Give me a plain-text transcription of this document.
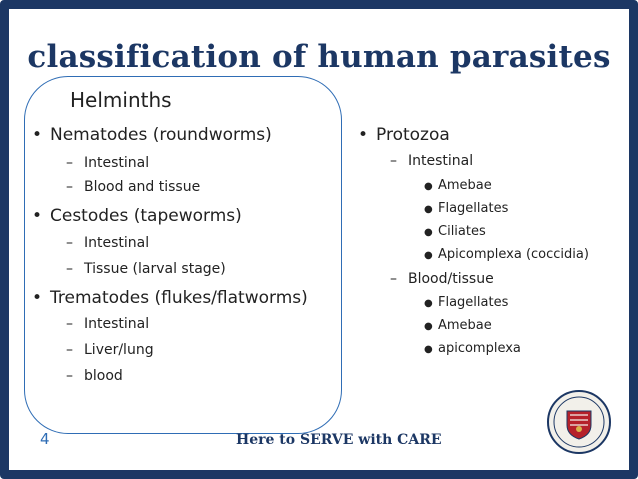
classification of human parasites
Helminths
• Nematodes (roundworms)
– Intestinal
– Blood and tissue
• Cestodes (tapeworms)
– Intestinal
– Tissue (larval stage)
• Trematodes (flukes/flatworms)
– Intestinal
– Liver/lung
– blood
• Protozoa
– Intestinal
● Amebae
● Flagellates
● Ciliates
● Apicomplexa (coccidia)
– Blood/tissue
● Flagellates
● Amebae
● apicomplexa
4	Here to SERVE with CARE
